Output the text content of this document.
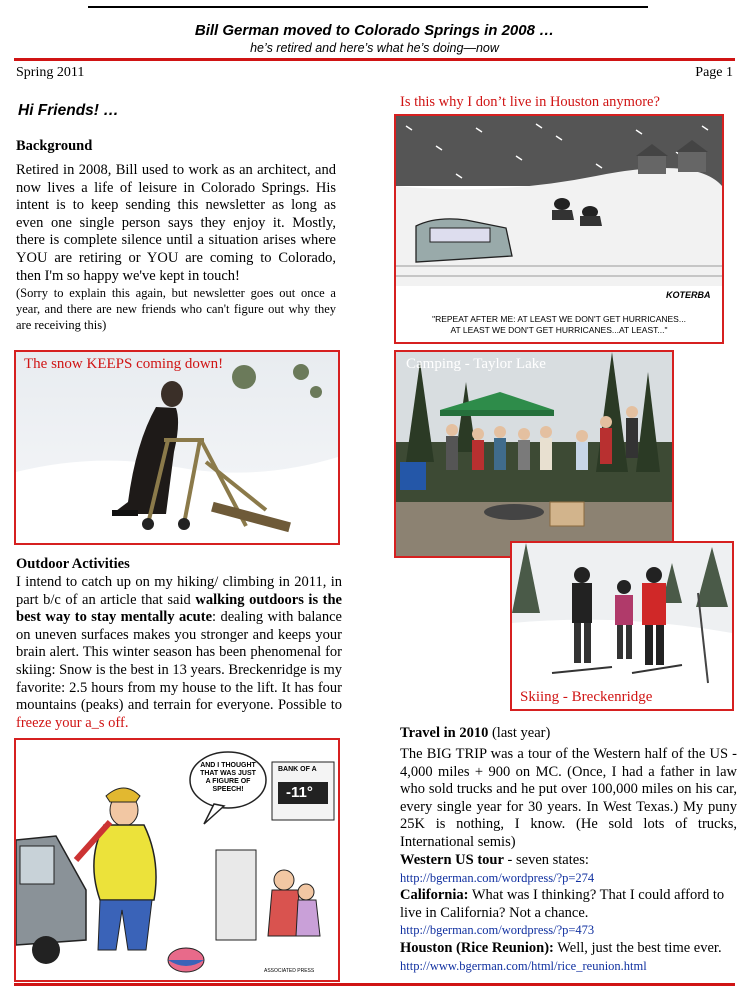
Bill German moved to Colorado Springs in 2008 …
he’s retired and here’s what he’s doing—now
Spring 2011	Page 1
Hi Friends! …
Background
Retired in 2008, Bill used to work as an architect, and now lives a life of leisure in Colorado Springs. His intent is to keep sending this newsletter as long as even one single person says they enjoy it. Mostly, there is complete silence until a situation arises where YOU are retiring or YOU are coming to Colorado, then I'm so happy we've kept in touch!
(Sorry to explain this again, but newsletter goes out once a year, and there are new friends who can't figure out why they are receiving this)
The snow KEEPS coming down!
Outdoor Activities
I intend to catch up on my hiking/ climbing in 2011, in part b/c of an article that said walking outdoors is the best way to stay mentally acute: dealing with balance on uneven surfaces makes you stronger and keeps your brain alert. This winter season has been phenomenal for skiing: Snow is the best in 13 years. Breckenridge is my favorite: 2.5 hours from my house to the lift. It has four mountains (peaks) and terrain for everyone. Possible to freeze your a_s off.
AND I THOUGHT THAT WAS JUST A FIGURE OF SPEECH!
BANK OF A
-11°
ASSOCIATED PRESS
Is this why I don’t live in Houston anymore?
KOTERBA
"REPEAT AFTER ME: AT LEAST WE DON'T GET HURRICANES...
AT LEAST WE DON'T GET HURRICANES...AT LEAST..."
Camping - Taylor Lake
Skiing - Breckenridge
Travel in 2010 (last year)
The BIG TRIP was a tour of the Western half of the US - 4,000 miles + 900 on MC. (Once, I had a father in law who sold trucks and he put over 100,000 miles on his car, every single year for 30 years. In West Texas.) My puny 25K is nothing, I know. (He sold lots of trucks, International semis)
Western US tour - seven states:
http://bgerman.com/wordpress/?p=274
California: What was I thinking? That I could afford to live in California? Not a chance.
http://bgerman.com/wordpress/?p=473
Houston (Rice Reunion): Well, just the best time ever.
http://www.bgerman.com/html/rice_reunion.html
